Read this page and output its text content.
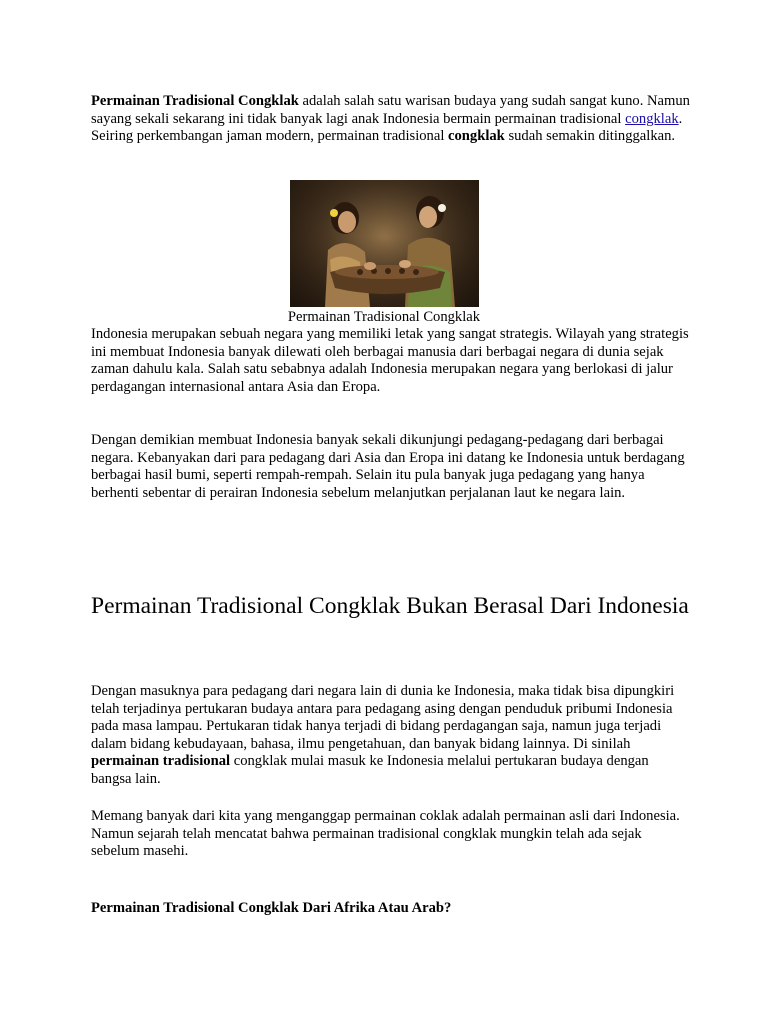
Permainan Tradisional Congklak adalah salah satu warisan budaya yang sudah sangat kuno. Namun sayang sekali sekarang ini tidak banyak lagi anak Indonesia bermain permainan tradisional congklak. Seiring perkembangan jaman modern, permainan tradisional congklak sudah semakin ditinggalkan.

Permainan Tradisional Congklak

Indonesia merupakan sebuah negara yang memiliki letak yang sangat strategis. Wilayah yang strategis ini membuat Indonesia banyak dilewati oleh berbagai manusia dari berbagai negara di dunia sejak zaman dahulu kala. Salah satu sebabnya adalah Indonesia merupakan negara yang berlokasi di jalur perdagangan internasional antara Asia dan Eropa.

Dengan demikian membuat Indonesia banyak sekali dikunjungi pedagang-pedagang dari berbagai negara. Kebanyakan dari para pedagang dari Asia dan Eropa ini datang ke Indonesia untuk berdagang berbagai hasil bumi, seperti rempah-rempah. Selain itu pula banyak juga pedagang yang hanya berhenti sebentar di perairan Indonesia sebelum melanjutkan perjalanan laut ke negara lain.

Permainan Tradisional Congklak Bukan Berasal Dari Indonesia

Dengan masuknya para pedagang dari negara lain di dunia ke Indonesia, maka tidak bisa dipungkiri telah terjadinya pertukaran budaya antara para pedagang asing dengan penduduk pribumi Indonesia pada masa lampau. Pertukaran tidak hanya terjadi di bidang perdagangan saja, namun juga terjadi dalam bidang kebudayaan, bahasa, ilmu pengetahuan, dan banyak bidang lainnya. Di sinilah permainan tradisional congklak mulai masuk ke Indonesia melalui pertukaran budaya dengan bangsa lain.

Memang banyak dari kita yang menganggap permainan coklak adalah permainan asli dari Indonesia. Namun sejarah telah mencatat bahwa permainan tradisional congklak mungkin telah ada sejak sebelum masehi.

Permainan Tradisional Congklak Dari Afrika Atau Arab?
